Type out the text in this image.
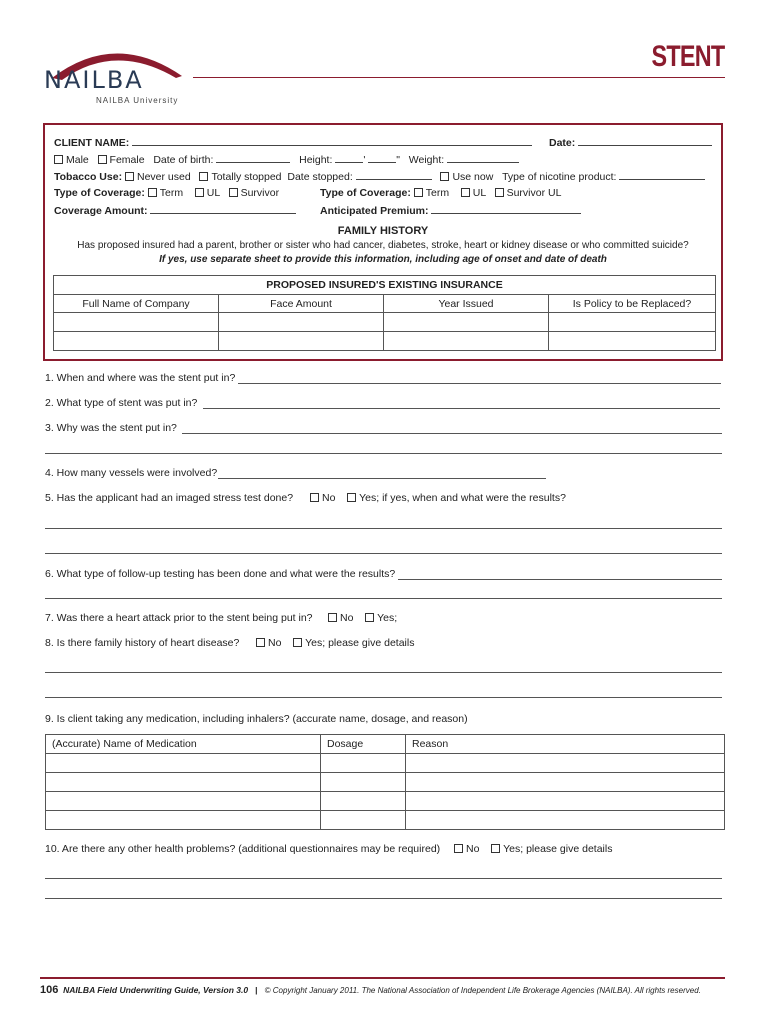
NAILBA
NAILBA University
STENT
CLIENT NAME:	Date:
Male Female Date of birth:	Height:	'	" Weight:
Tobacco Use: Never used Totally stopped Date stopped:	Use now Type of nicotine product:
Type of Coverage: Term UL Survivor	Type of Coverage: Term UL Survivor UL
Coverage Amount:	Anticipated Premium:
FAMILY HISTORY
Has proposed insured had a parent, brother or sister who had cancer, diabetes, stroke, heart or kidney disease or who committed suicide?
If yes, use separate sheet to provide this information, including age of onset and date of death
PROPOSED INSURED'S EXISTING INSURANCE			
Full Name of Company	Face Amount	Year Issued	Is Policy to be Replaced?

1. When and where was the stent put in?
2. What type of stent was put in?
3. Why was the stent put in?
4. How many vessels were involved?
5. Has the applicant had an imaged stress test done?	No Yes; if yes, when and what were the results?
6. What type of follow-up testing has been done and what were the results?
7. Was there a heart attack prior to the stent being put in?	No Yes;
8. Is there family history of heart disease?	No Yes; please give details
9. Is client taking any medication, including inhalers? (accurate name, dosage, and reason)
(Accurate) Name of Medication	Dosage	Reason

10. Are there any other health problems? (additional questionnaires may be required)	No Yes; please give details
106 NAILBA Field Underwriting Guide, Version 3.0 | © Copyright January 2011. The National Association of Independent Life Brokerage Agencies (NAILBA). All rights reserved.
